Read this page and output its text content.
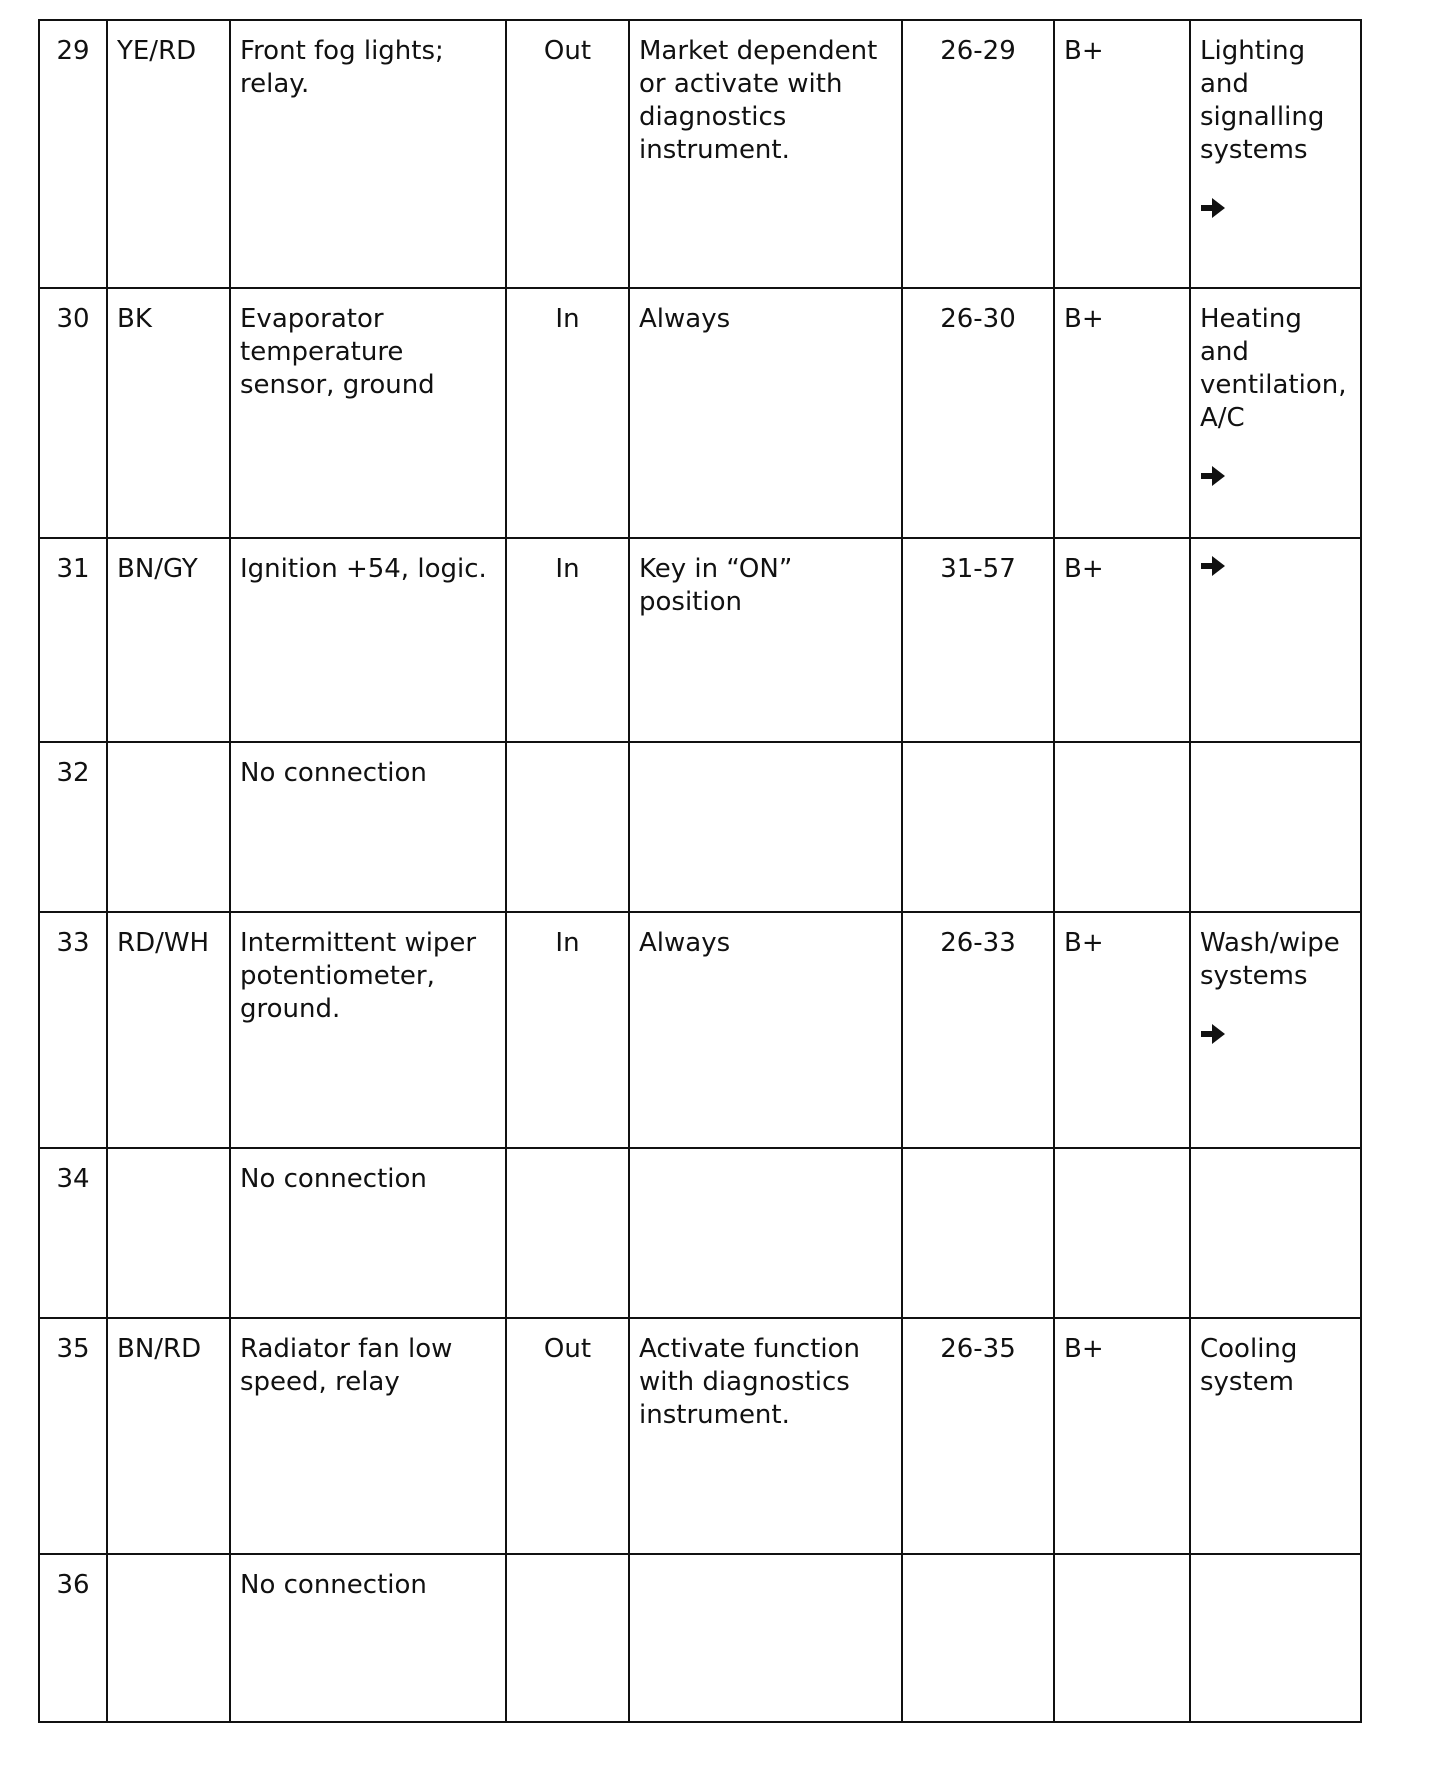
29	YE/RD	Front fog lights; relay.	Out	Market dependent or activate with diagnostics instrument.	26-29	B+	Lighting and signalling systems

30	BK	Evaporator temperature sensor, ground	In	Always	26-30	B+	Heating and ventilation, A/C

31	BN/GY	Ignition +54, logic.	In	Key in “ON” position	31-57	B+	

32		No connection					

33	RD/WH	Intermittent wiper potentiometer, ground.	In	Always	26-33	B+	Wash/wipe systems

34		No connection					

35	BN/RD	Radiator fan low speed, relay	Out	Activate function with diagnostics instrument.	26-35	B+	Cooling system

36		No connection					
